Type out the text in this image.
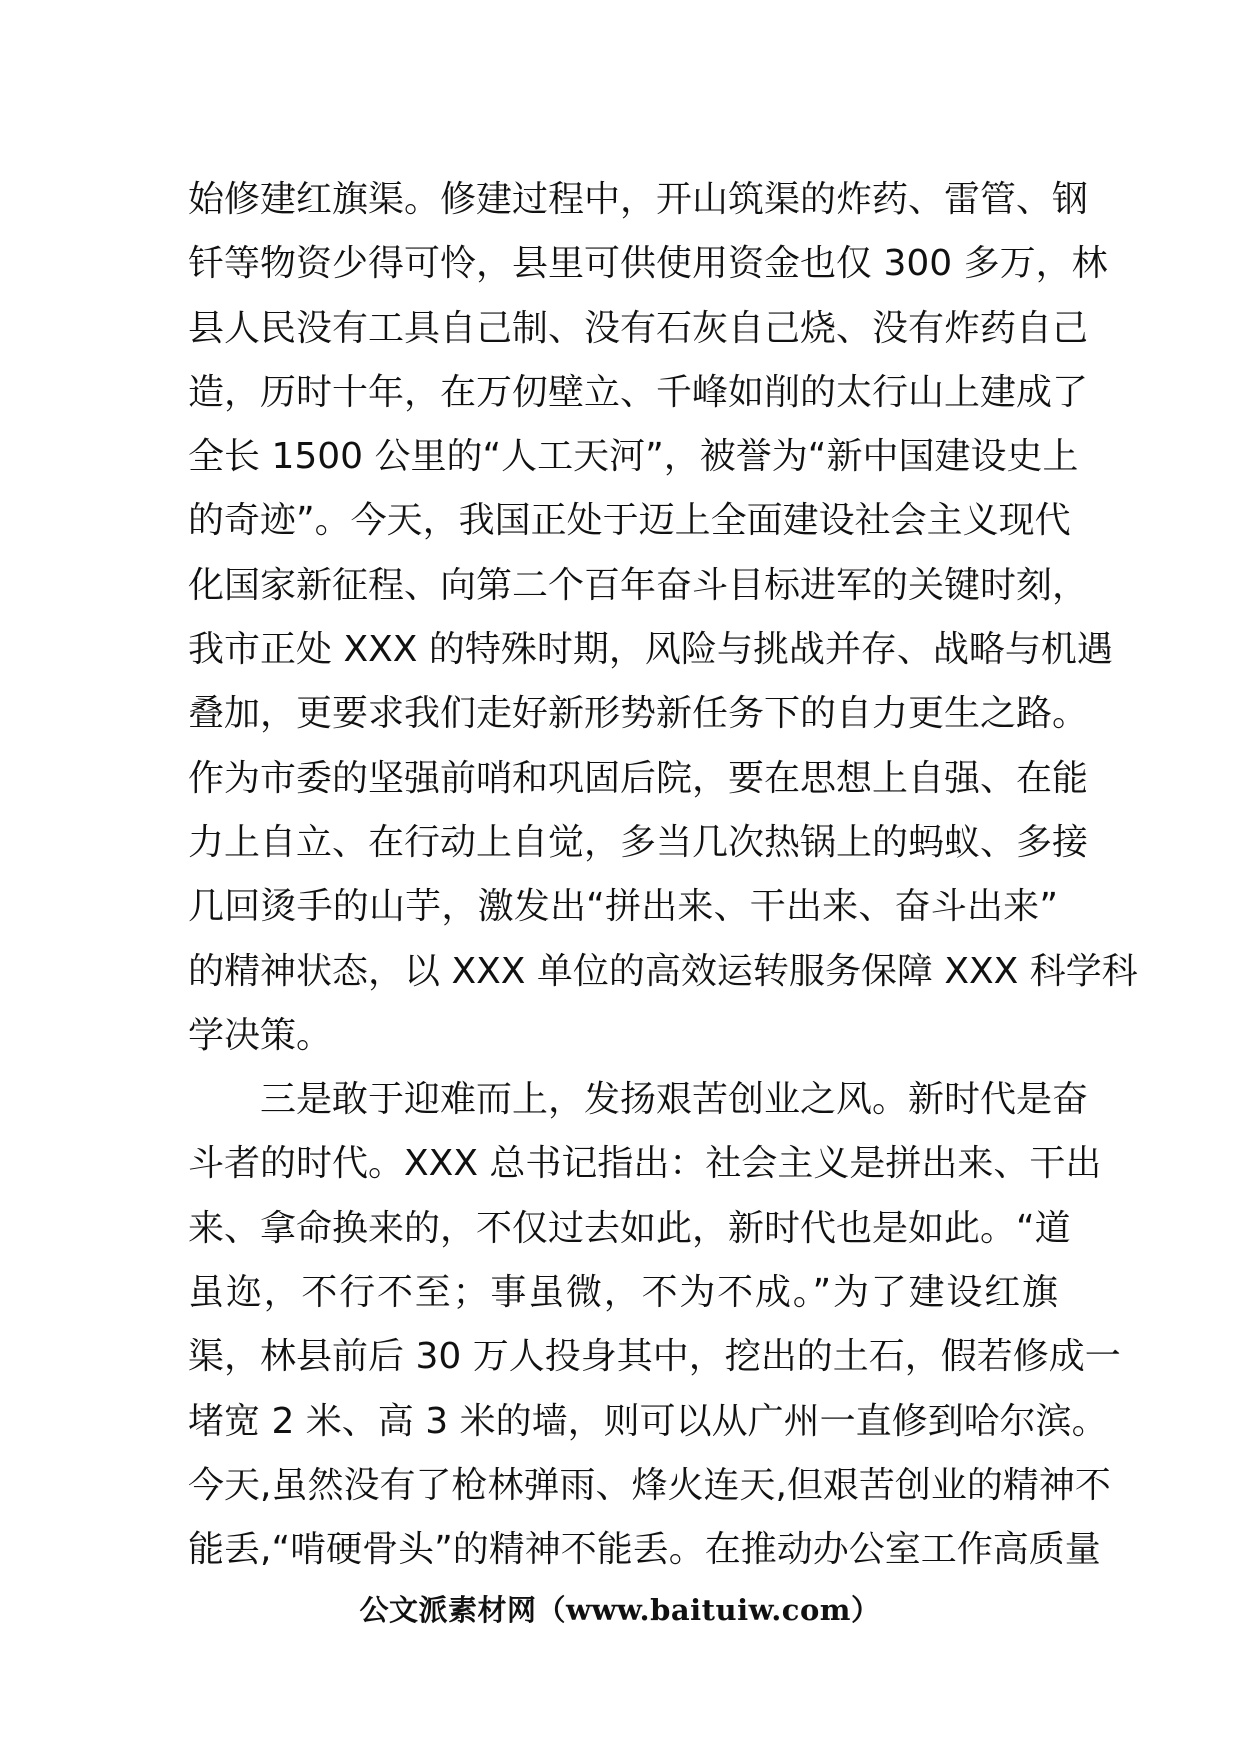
始修建红旗渠。修建过程中，开山筑渠的炸药、雷管、钢
钎等物资少得可怜，县里可供使用资金也仅 300 多万，林
县人民没有工具自己制、没有石灰自己烧、没有炸药自己
造，历时十年，在万仞壁立、千峰如削的太行山上建成了
全长 1500 公里的“人工天河”，被誉为“新中国建设史上
的奇迹”。今天，我国正处于迈上全面建设社会主义现代
化国家新征程、向第二个百年奋斗目标进军的关键时刻，
我市正处 XXX 的特殊时期，风险与挑战并存、战略与机遇
叠加，更要求我们走好新形势新任务下的自力更生之路。
作为市委的坚强前哨和巩固后院，要在思想上自强、在能
力上自立、在行动上自觉，多当几次热锅上的蚂蚁、多接
几回烫手的山芋，激发出“拼出来、干出来、奋斗出来”
的精神状态，以 XXX 单位的高效运转服务保障 XXX 科学科
学决策。
三是敢于迎难而上，发扬艰苦创业之风。新时代是奋
斗者的时代。XXX 总书记指出：社会主义是拼出来、干出
来、拿命换来的，不仅过去如此，新时代也是如此。“道
虽迩，不行不至；事虽微，不为不成。”为了建设红旗
渠，林县前后 30 万人投身其中，挖出的土石，假若修成一
堵宽 2 米、高 3 米的墙，则可以从广州一直修到哈尔滨。
今天,虽然没有了枪林弹雨、烽火连天,但艰苦创业的精神不
能丢,“啃硬骨头”的精神不能丢。在推动办公室工作高质量
公文派素材网（www.baituiw.com）
